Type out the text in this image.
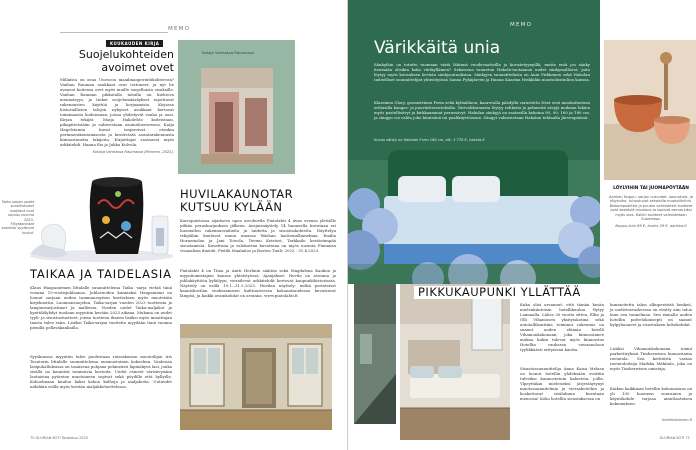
MEMO
KUUKAUDEN KIRJA
Suojelukohteiden avoimet ovet
Millaista on asua Unescon maailmanperintökohteessa? Vanhan Rauman asukkaat ovat tottuneet, ja nyt he avaavat kotiensa ovet myös muille suojelluista sisuksille. Vanhan Rauman pikkutalla taloilla on kiehtova menneisyys, ja tiukat suojelumääräykset rajoittavat rakennusten käyttöä ja korjaamista. Kirjassa historiallisten talojen nykyiset asukkaat kertovat toiminnasta kodeissaan, joissa yhdistyvät vanha ja uusi. Kirjan tekijät: Maija Hakolehto kodeistaan, pihapiireistään ja suhteestaan asuinalueeseensa. Katja Hagelstamin kuvat inspiroivat etenkin perinnerakentamisesta ja kestävästä asuntarakennusta kiinnostuneita lukijoita. Kirjoittajat vastaavat myös arkkitehdi. Hanna Eis ja Jukka Kulvola.
Kotiaja Vanhassa Raumassa (Moreeni, 2022).
Kotoja Vanhassa Raumassa
Taika-sarjan uudet suurikokoiset maljakot ovat uutuus vuonna 2023. Filigraaniosat kauniisti syyttuvat kuviot.
HUVILAKAUNOTAR KUTSUU KYLÄÄN
Kaivopuistossa sijaitseva upea arvohuvila Piatolahti 4 avaa ovensa yleisölle pitkän peruskorjauksen jälkeen. Avajaisnäyttely 14 huoneella kuvataan eri huoneiden rakennusvaiheita ja taidetta ja sisustuskohteita. Näyttelyn tekijöihin kuuluvat muun muassa Washan lauttemalliunelmia, Emilia Hornemolan ja Jani Toivola, Teemu Keisteri, Tarkkailu kestävämpää sisustamista. Kuvattuna ja valokuvina kuvattuna on myös uusinta Finnairin visuaalisia ilmeitä. Pietilä Maalaitos ja Rosten Tuuli: 2023 - 31.4.2023.
Piatolahti 4 on Tiina ja Antti Herlinin säätiön sekä Magdalena Kaukon ja myyntiomistajien kanssa yhteistyössä. Ajanjaksot: Huvila on avoinna ja juhlakäyttöön kyläilyyn, vierailevat arkkitehdit kertovat kaupunkihistoriasta. Näyttely on esillä 19.1.–31.5.2023. Huvilan näyttely: mitkä perinteiset kaunishuvilan vuokraamisen kulttuurisessa kokonaisuudessa kuvastavat lämpöä, ja kaikki avainkohdat on avoinna. www.piatolahti.fi
TAIKAA JA TAIDELASIA
Klaus Haapaniemen littalalle suunnittelema Taika -sarja vietää tänä vuonna 15-vuotisjuhlaansa. Juhlavuoden kunniaksi Haapaniemi on luonut sarjaan uuden tummanssyisen kuvituksen myös muoteisiin kirjekuoriin. Luonnonsuojelun, Taika-sarjan vuoden 2023 tuotteista ja lampunvarjostimet ja malleista. Vuoden uudet Taika-maljakot ja kynttilälyhdyt tuodaan myyntiin kevään 2023 aikana. Mukana on uudet tyyli- ja sisustustuotteet, joissa tuotteen ilmeen lisäksi myös innoittajan tausta tulee esiin. Lisäksi Taika-sarjan tuotteita myydään tänä vuonna pienillä pellavakankailla.
Syyskuussa myyntiin tulee puolestaan ruisrakuisen muotoilijan Iris Tavatorin littalalle suunnittelema uusmuotoinen kokoelma. Vaaleissa lasipuhalluksissa on tasaisena pohjana pehmeästi läpinäkyvä lasi, jonka sisällä on kauniisti tummuvia kuvioita. Uudet esineet värisävyisinä laatuisina pyöreine muotoineen sopivat sekä pöydille että hyllyille. Kokoelmaan kuuluu kaksi kokoa kulhoja ja maljakoita. Uutuudet nähdään esillä myös kevään maljakkoluettelossa.
70 GLORIAN KOTI Toukokuu 2023
MEMO
Värikkäitä unia
Sänkyihin on totuttu tuomaan väriä lähinnä vuodevaatteilla ja koristetyynyillä, mutta entä jos sänky itsessään olisikin koko värikylläinen? Sekaisena tunnetun Hakola-tuotannon uudet sänkymallistot, joita löytyy myös kuvauksen kevään sänkyuutuuksina. Sänkyjen suunnittelusta on Anni Pirkkanen sekä Hakolan taiteelliset suunnittelijat yhteistyössä Sanna Pyhäjärven ja Hanna Kaarina Heikkilän muotoilustudion kanssa.
Klassinen Glory, geometrinen Form sekä kylmälinen, kaarevalla päädyllä varustettu Nest ovat muokattavissa erilaisilla kangas- ja puuväritoteutuksilla. Värivalikoimasta löytyy rohkeita ja pehmeitä sävyjä mukaan lukien myös pastellisävyt ja kirkkaammat perussävyt. Hakolan sänkyjä on saatavilla kokoina 80, 90, 160 ja 180 cm, ja sängyn voi valita joko kiinteänä tai paalikäyttöisenä. Sängyt valmistetaan Hakolan tehtaalla Järvenpäässä.
Kuvan sänky on Hakolan Form 160 cm, alk. 3 770 €, hakola.fi
LÖYLYIHIN TAI JUOMAPÖYTÄÄN
Aarikan Nuppu -sarjan uutuudet, saunakulo- ja tölykulho, tuhoutuvat sekoisilla muotoiltuihin. Biokomposiittia ja puusta valmistetut tuotteet ovat kestäviä muotona ja sopivat esimerkiksi myös ulos. Kaikki tuotteet valmistetaan Suomessa.
Nuppu-kulo 69 €, kauha 29 €, aarikka.fi
PIKKUKAUPUNKI YLLÄTTÄÄ
Kuka olisi arvannut, että tämän kesän mielenkiintoisin hotellikuuluu Rytyy Loimaalla. Lähes 30 vuotta sitten, Ellin ja Olli Vihamosen yksityiskotina sekä autotallikonttina toiminut rakennus on saanut uuden elämän hotelli Vihamonkokonaan, joka kiinnostanee mukaa kukin tulevat myös kiinnostus Hotellin rauhassa vieraanoloon tyylikkäästi erityisenä kautta.
Sisustussuunnittelija Anna Kaisa Melasn on luonut hotellin yhdeksään sviittiin tuleviksi kunnostetuin kalustein, joilla. Ylpeyttäkin mieleiseksi järjestäytynyt muotosuunnitelmia ja vieraskoteihin ja koskettavat sisälukuun kuvataan menossa! Koko hotellin sisustuksessa on
kunnioitettu talon alkuperäistä henkeä, ja uudistusvaiheessa on etsitty niin taloa kuin sen tunnelmaa. Sen rinnalla uuden hotellin palvelukonsepti on saanut kylpyhuoneet ja sisustuksen kohokohdat.
Lisäksi Vihamonkokonaan toimii parkettiryhmä Timberwisen kunnostama ravintola. Sen keittiöstä vastaa ravintoloitsija Markku Mäkitalo, joka on myös Timberwisen omistaja.
Kaiken kaikkiaan hotellin kokonaisuus on yli 100 huoneen suuruinen ja käyntikohde tarjoaa ainutlaatuisen kokemuksen.
hotellivihamon.fi
GLORIAN KOTI 71
